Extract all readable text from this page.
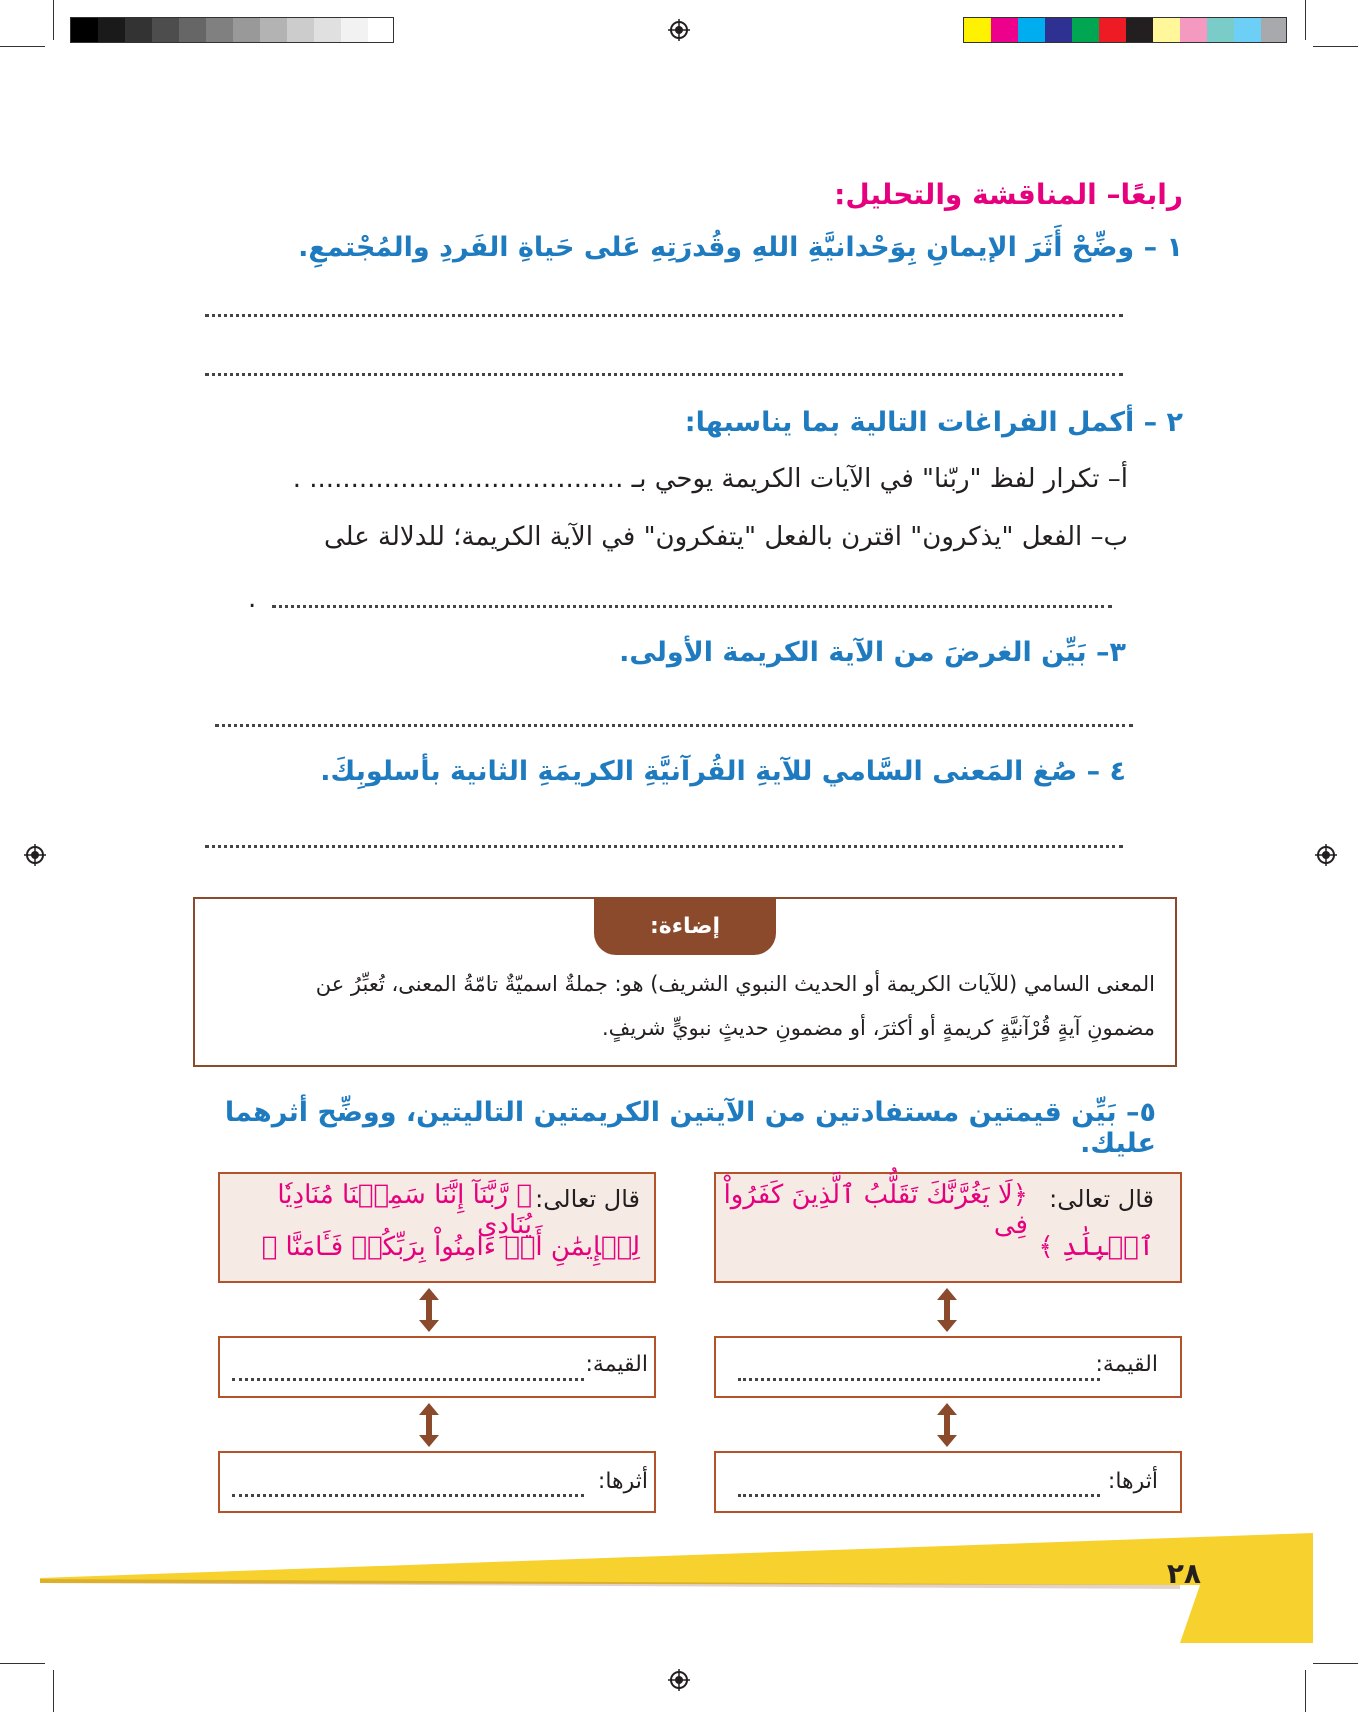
رابعًا– المناقشة والتحليل:
١ – وضِّحْ أَثَرَ الإيمانِ بِوَحْدانيَّةِ اللهِ وقُدرَتِهِ عَلى حَياةِ الفَردِ والمُجْتمعِ.
٢ – أكمل الفراغات التالية بما يناسبها:
أ– تكرار لفظ "ربّنا" في الآيات الكريمة يوحي بـ ...................................... .
ب– الفعل "يذكرون" اقترن بالفعل "يتفكرون" في الآية الكريمة؛ للدلالة على
.
٣– بَيِّن الغرضَ من الآية الكريمة الأولى.
٤ – صُغ المَعنى السَّامي للآيةِ القُرآنيَّةِ الكريمَةِ الثانية بأسلوبِكَ.
إضاءة:
المعنى السامي (للآيات الكريمة أو الحديث النبوي الشريف) هو: جملةٌ اسميّةٌ تامّةُ المعنى، تُعبِّرُ عن
مضمونِ آيةٍ قُرْآنيَّةٍ كريمةٍ أو أكثرَ، أو مضمونِ حديثٍ نبويٍّ شريفٍ.
٥– بَيِّن قيمتين مستفادتين من الآيتين الكريمتين التاليتين، ووضِّح أثرهما عليك.
قال تعالى:
﴿لَا يَغُرَّنَّكَ تَقَلُّبُ ٱلَّذِينَ كَفَرُواْ فِى
ٱلۡبِلَٰدِ ﴾
القيمة:
أثرها:
قال تعالى:
﴿ رَّبَّنَآ إِنَّنَا سَمِعۡنَا مُنَادِيٗا يُنَادِى
لِلۡإِيمَٰنِ أَنۡ ءَامِنُواْ بِرَبِّكُمۡ فَـَٔامَنَّا ﴾
القيمة:
أثرها:
٢٨
